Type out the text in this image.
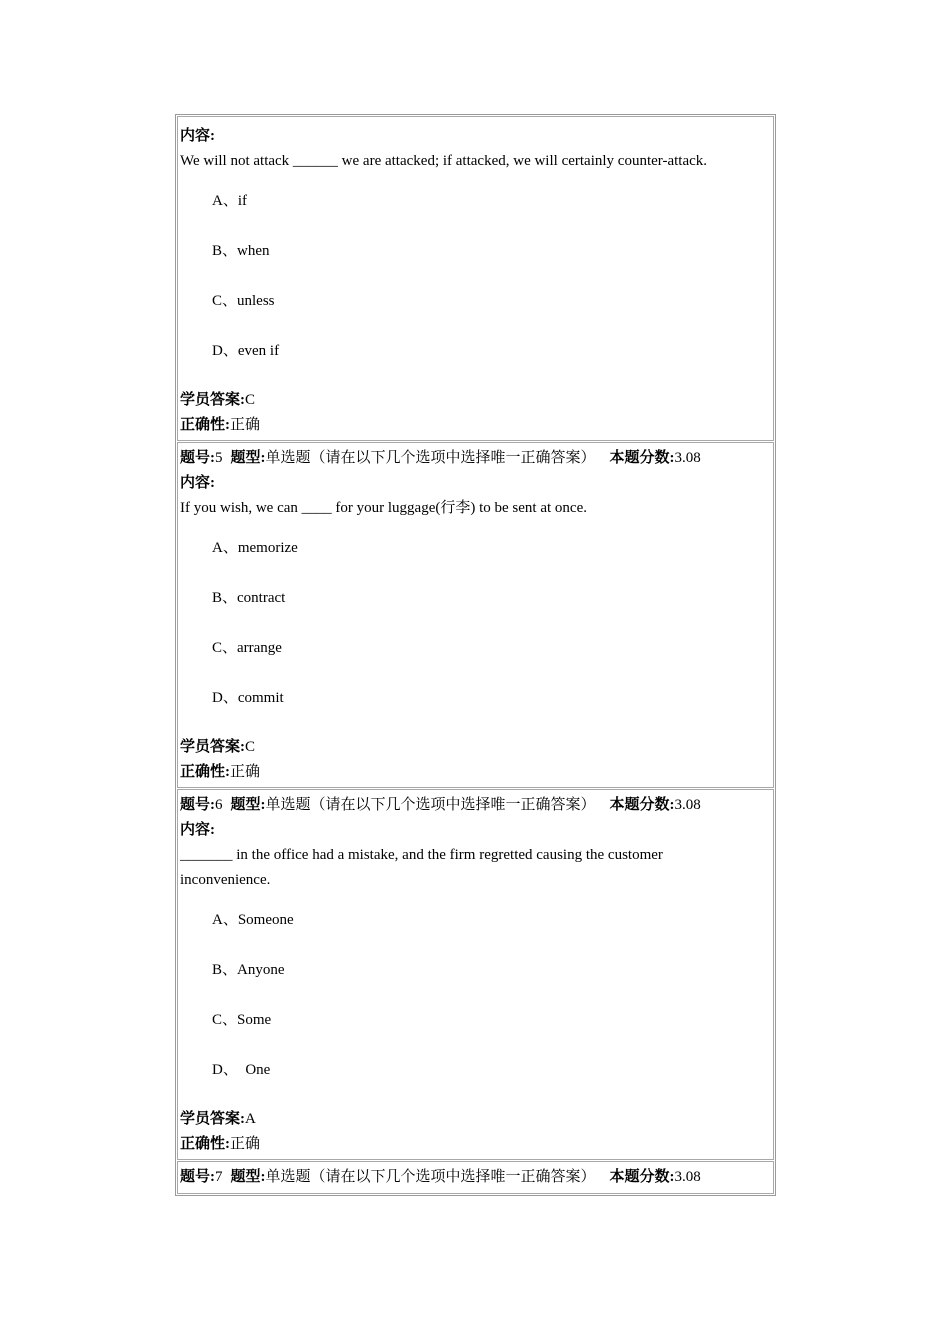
内容:
We will not attack ______ we are attacked; if attacked, we will certainly counter-attack.
A、if
B、when
C、unless
D、even if
学员答案:C
正确性:正确
题号:5 题型:单选题（请在以下几个选项中选择唯一正确答案） 本题分数:3.08
内容:
If you wish, we can ____ for your luggage(行李) to be sent at once.
A、memorize
B、contract
C、arrange
D、commit
学员答案:C
正确性:正确
题号:6 题型:单选题（请在以下几个选项中选择唯一正确答案） 本题分数:3.08
内容:
_______ in the office had a mistake, and the firm regretted causing the customer inconvenience.
A、Someone
B、Anyone
C、Some
D、  One
学员答案:A
正确性:正确
题号:7 题型:单选题（请在以下几个选项中选择唯一正确答案） 本题分数:3.08
